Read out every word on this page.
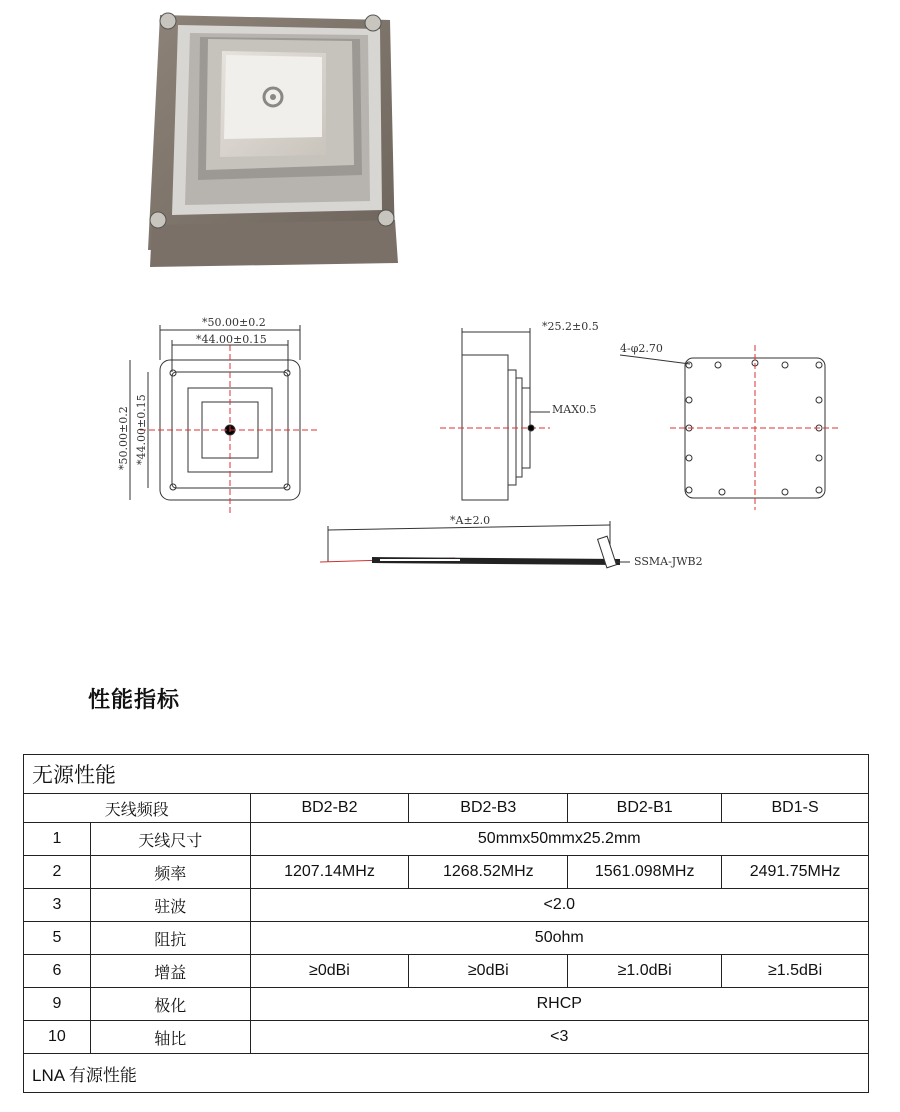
*50.00±0.2
*44.00±0.15
*50.00±0.2 *44.00±0.15
*25.2±0.5
MAX0.5
4-φ2.70
*A±2.0
SSMA-JWB2
性能指标
无源性能					
天线频段		BD2-B2	BD2-B3	BD2-B1	BD1-S
1	天线尺寸	50mmx50mmx25.2mm			
2	频率	1207.14MHz	1268.52MHz	1561.098MHz	2491.75MHz
3	驻波	<2.0			
5	阻抗	50ohm			
6	增益	≥0dBi	≥0dBi	≥1.0dBi	≥1.5dBi
9	极化	RHCP			
10	轴比	<3			
LNA 有源性能					
